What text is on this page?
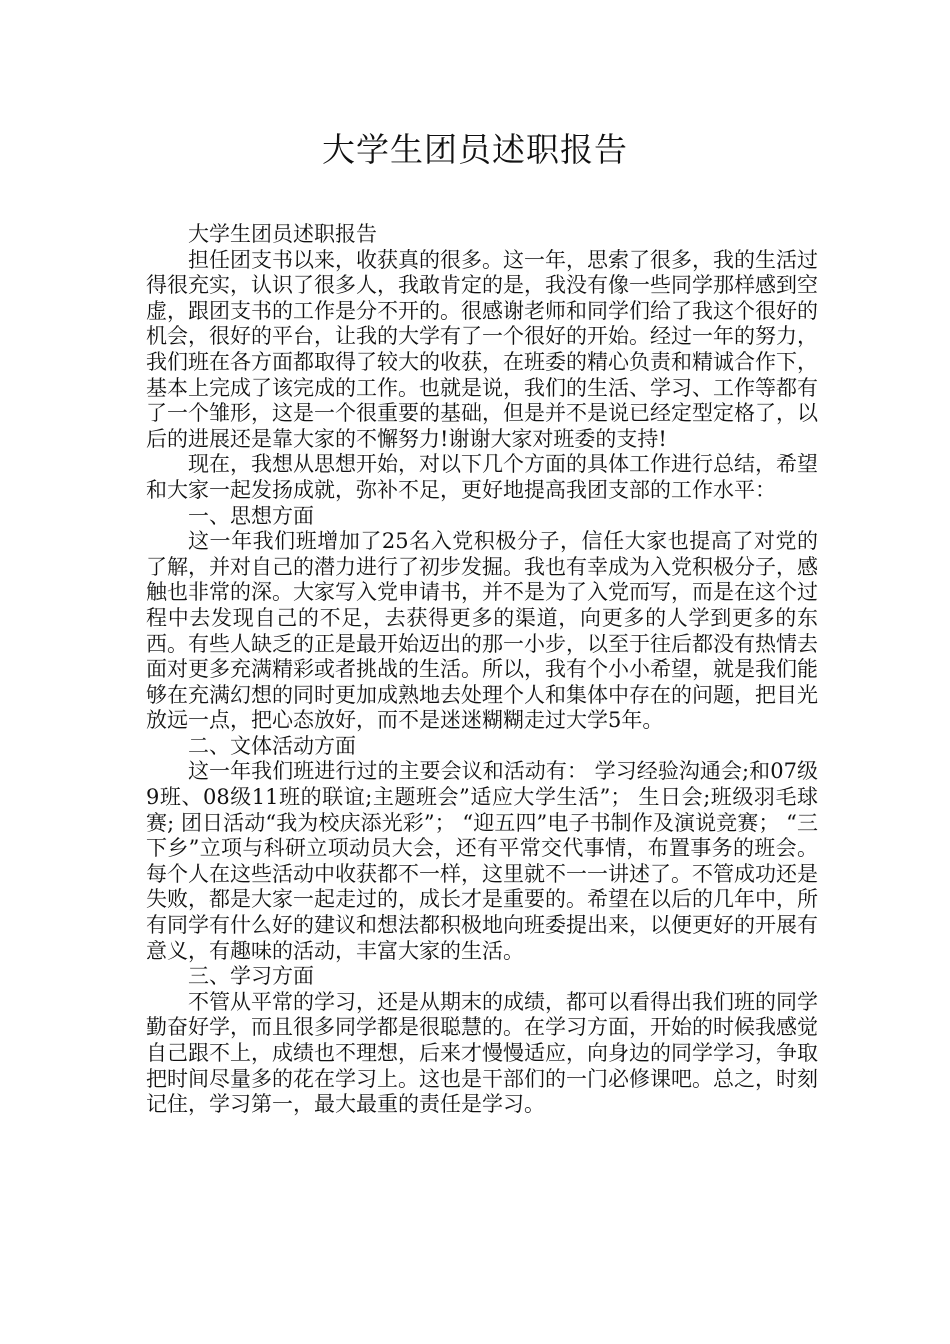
大学生团员述职报告

大学生团员述职报告

担任团支书以来，收获真的很多。这一年，思索了很多，我的生活过得很充实，认识了很多人，我敢肯定的是，我没有像一些同学那样感到空虚，跟团支书的工作是分不开的。很感谢老师和同学们给了我这个很好的机会，很好的平台，让我的大学有了一个很好的开始。经过一年的努力，我们班在各方面都取得了较大的收获，在班委的精心负责和精诚合作下，基本上完成了该完成的工作。也就是说，我们的生活、学习、工作等都有了一个雏形，这是一个很重要的基础，但是并不是说已经定型定格了，以后的进展还是靠大家的不懈努力!谢谢大家对班委的支持!

现在，我想从思想开始，对以下几个方面的具体工作进行总结，希望和大家一起发扬成就，弥补不足，更好地提高我团支部的工作水平：

一、思想方面

这一年我们班增加了25名入党积极分子，信任大家也提高了对党的了解，并对自己的潜力进行了初步发掘。我也有幸成为入党积极分子，感触也非常的深。大家写入党申请书，并不是为了入党而写，而是在这个过程中去发现自己的不足，去获得更多的渠道，向更多的人学到更多的东西。有些人缺乏的正是最开始迈出的那一小步，以至于往后都没有热情去面对更多充满精彩或者挑战的生活。所以，我有个小小希望，就是我们能够在充满幻想的同时更加成熟地去处理个人和集体中存在的问题，把目光放远一点，把心态放好，而不是迷迷糊糊走过大学5年。

二、文体活动方面

这一年我们班进行过的主要会议和活动有： 学习经验沟通会;和07级9班、08级11班的联谊;主题班会”适应大学生活”； 生日会;班级羽毛球赛; 团日活动“我为校庆添光彩”； “迎五四”电子书制作及演说竞赛； “三下乡”立项与科研立项动员大会，还有平常交代事情，布置事务的班会。每个人在这些活动中收获都不一样，这里就不一一讲述了。不管成功还是失败，都是大家一起走过的，成长才是重要的。希望在以后的几年中，所有同学有什么好的建议和想法都积极地向班委提出来，以便更好的开展有意义，有趣味的活动，丰富大家的生活。

三、学习方面

不管从平常的学习，还是从期末的成绩，都可以看得出我们班的同学勤奋好学，而且很多同学都是很聪慧的。在学习方面，开始的时候我感觉自己跟不上，成绩也不理想，后来才慢慢适应，向身边的同学学习，争取把时间尽量多的花在学习上。这也是干部们的一门必修课吧。总之，时刻记住，学习第一，最大最重的责任是学习。
